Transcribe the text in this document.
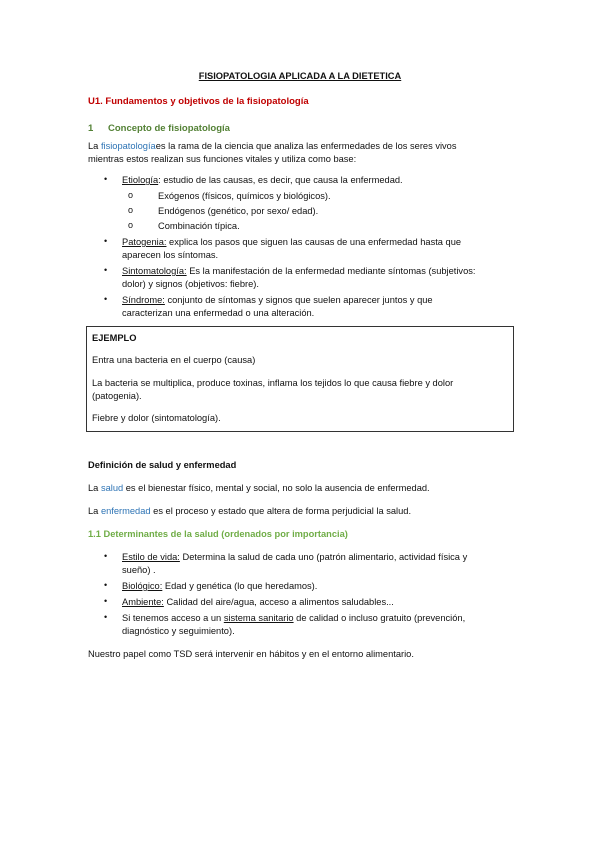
FISIOPATOLOGIA APLICADA A LA DIETETICA
U1. Fundamentos y objetivos de la fisiopatología
1 Concepto de fisiopatología
La fisiopatologíaes la rama de la ciencia que analiza las enfermedades de los seres vivos
mientras estos realizan sus funciones vitales y utiliza como base:
• Etiología: estudio de las causas, es decir, que causa la enfermedad.
o	Exógenos (físicos, químicos y biológicos).
o	Endógenos (genético, por sexo/ edad).
o	Combinación típica.
• Patogenia: explica los pasos que siguen las causas de una enfermedad hasta que
aparecen los síntomas.
• Sintomatología: Es la manifestación de la enfermedad mediante síntomas (subjetivos:
dolor) y signos (objetivos: fiebre).
• Síndrome: conjunto de síntomas y signos que suelen aparecer juntos y que
caracterizan una enfermedad o una alteración.
EJEMPLO
Entra una bacteria en el cuerpo (causa)
La bacteria se multiplica, produce toxinas, inflama los tejidos lo que causa fiebre y dolor
(patogenia).
Fiebre y dolor (sintomatología).
Definición de salud y enfermedad
La salud es el bienestar físico, mental y social, no solo la ausencia de enfermedad.
La enfermedad es el proceso y estado que altera de forma perjudicial la salud.
1.1 Determinantes de la salud (ordenados por importancia)
• Estilo de vida: Determina la salud de cada uno (patrón alimentario, actividad física y
sueño) .
• Biológico: Edad y genética (lo que heredamos).
• Ambiente: Calidad del aire/agua, acceso a alimentos saludables...
• Si tenemos acceso a un sistema sanitario de calidad o incluso gratuito (prevención,
diagnóstico y seguimiento).
Nuestro papel como TSD será intervenir en hábitos y en el entorno alimentario.
